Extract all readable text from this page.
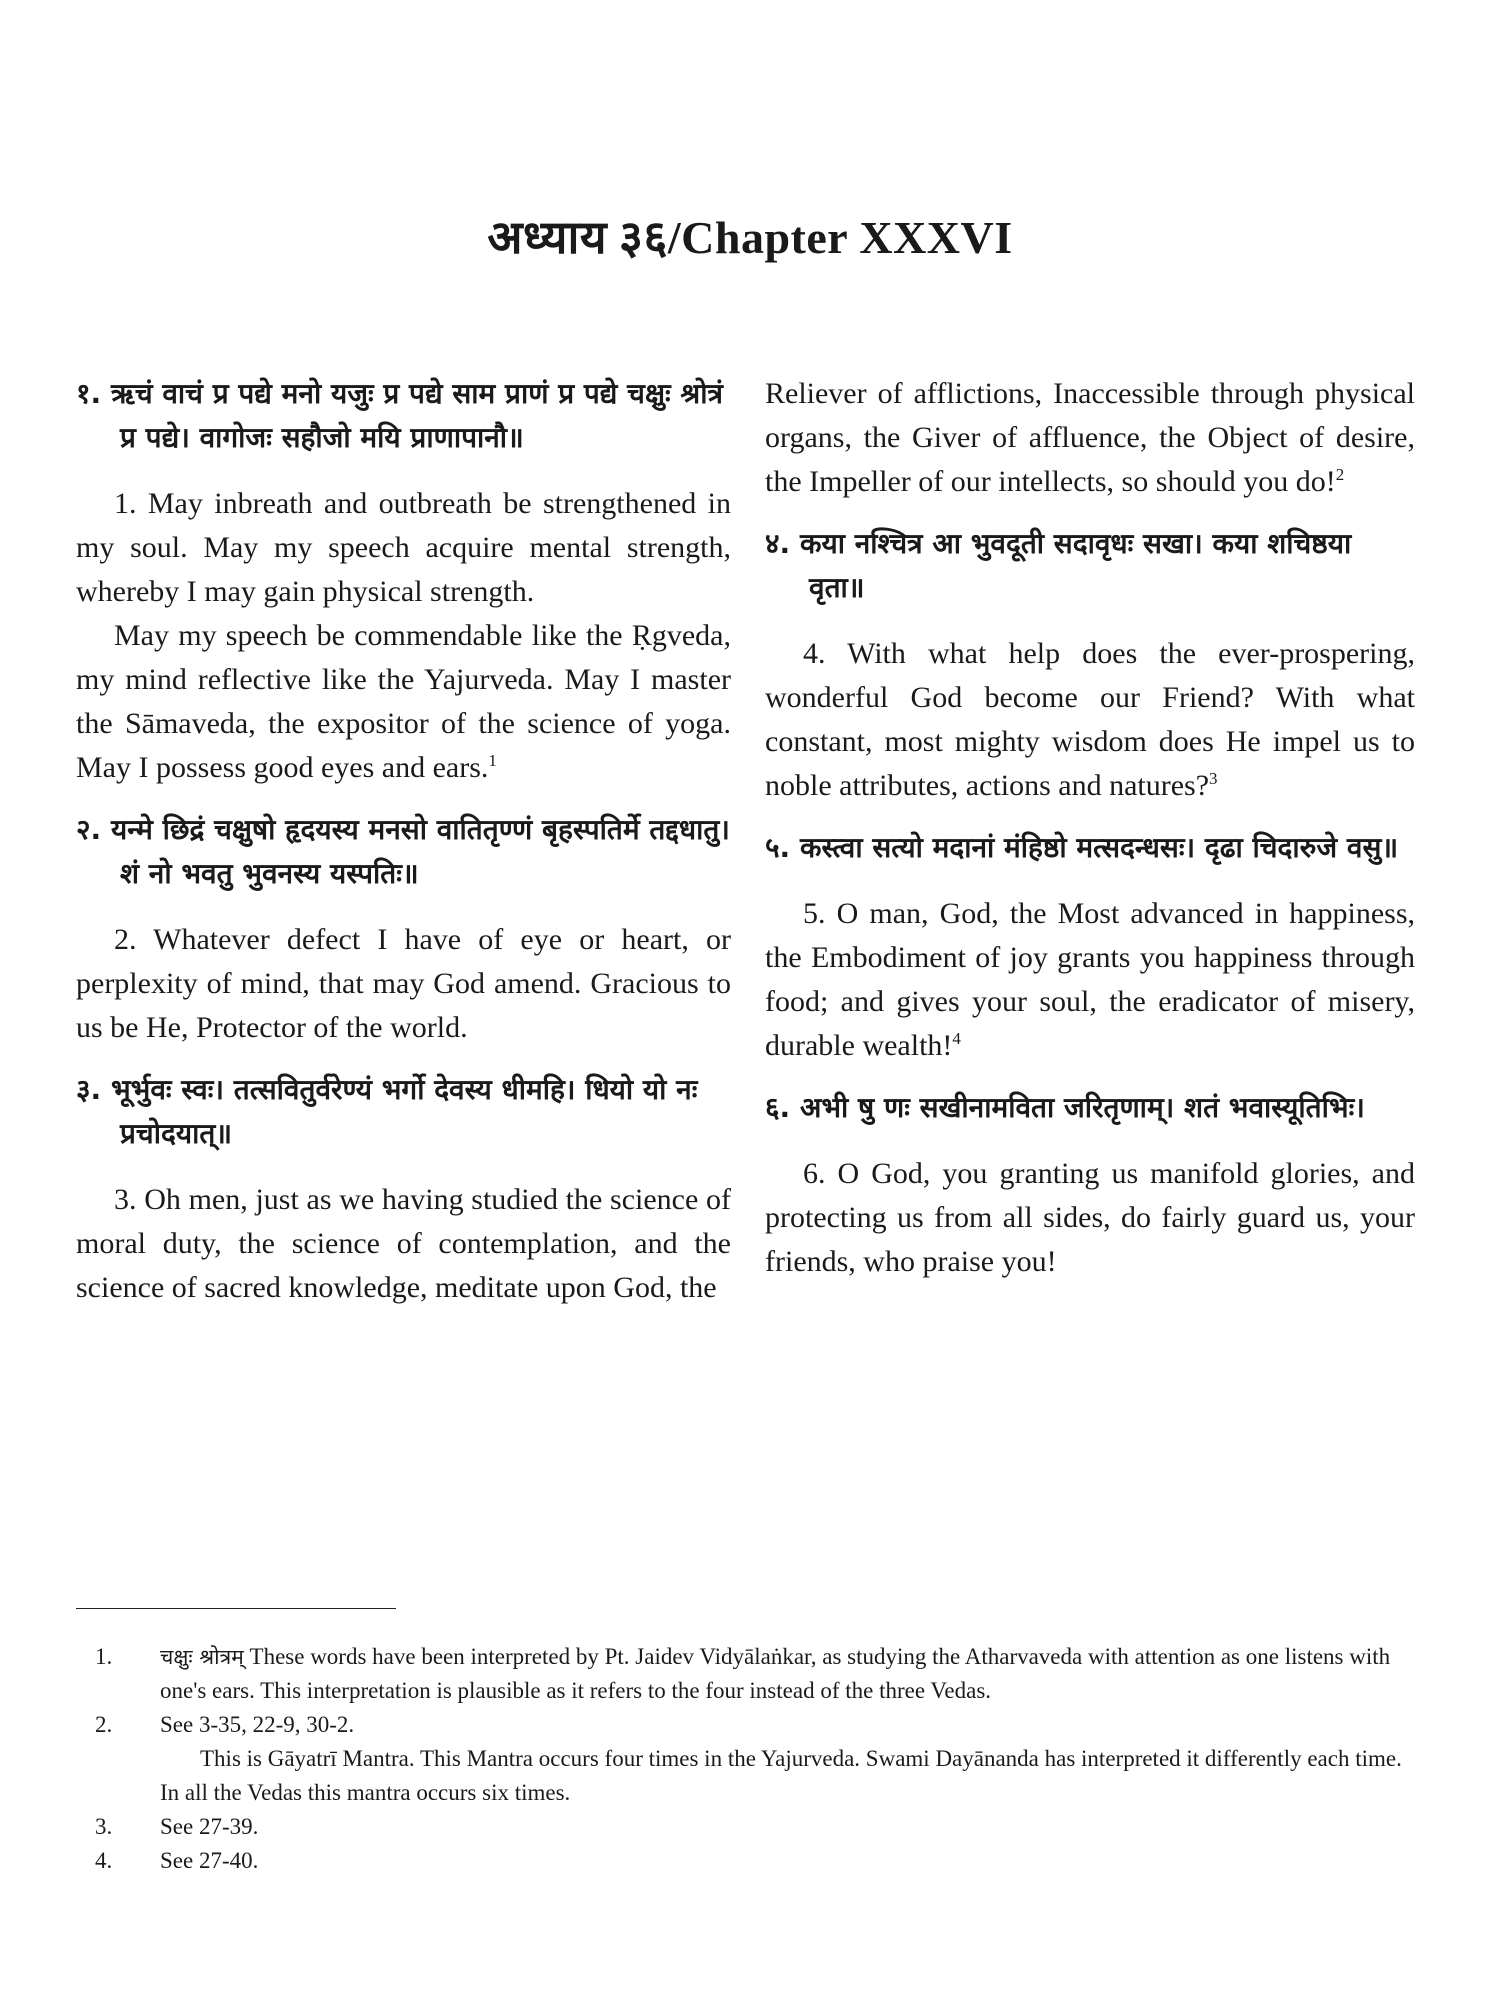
अध्याय ३६/Chapter XXXVI
१. ऋचं वाचं प्र पद्ये मनो यजुः प्र पद्ये साम प्राणं प्र पद्ये चक्षुः श्रोत्रं प्र पद्ये। वागोजः सहौजो मयि प्राणापानौ॥

1. May inbreath and outbreath be strengthened in my soul. May my speech acquire mental strength, whereby I may gain physical strength.

May my speech be commendable like the Ṛgveda, my mind reflective like the Yajurveda. May I master the Sāmaveda, the expositor of the science of yoga. May I possess good eyes and ears.$^1$

२. यन्मे छिद्रं चक्षुषो हृदयस्य मनसो वातितृण्णं बृहस्पतिर्मे तद्दधातु। शं नो भवतु भुवनस्य यस्पतिः॥

2. Whatever defect I have of eye or heart, or perplexity of mind, that may God amend. Gracious to us be He, Protector of the world.

३. भूर्भुवः स्वः। तत्सवितुर्वरेण्यं भर्गो देवस्य धीमहि। धियो यो नः प्रचोदयात्॥

3. Oh men, just as we having studied the science of moral duty, the science of contemplation, and the science of sacred knowledge, meditate upon God, the

Reliever of afflictions, Inaccessible through physical organs, the Giver of affluence, the Object of desire, the Impeller of our intellects, so should you do!$^2$

४. कया नश्चित्र आ भुवदूती सदावृधः सखा। कया शचिष्ठया वृता॥

4. With what help does the ever-prospering, wonderful God become our Friend? With what constant, most mighty wisdom does He impel us to noble attributes, actions and natures?$^3$

५. कस्त्वा सत्यो मदानां मंहिष्ठो मत्सदन्धसः। दृढा चिदारुजे वसु॥

5. O man, God, the Most advanced in happiness, the Embodiment of joy grants you happiness through food; and gives your soul, the eradicator of misery, durable wealth!$^4$

६. अभी षु णः सखीनामविता जरितृणाम्। शतं भवास्यूतिभिः।

6. O God, you granting us manifold glories, and protecting us from all sides, do fairly guard us, your friends, who praise you!

1. चक्षुः श्रोत्रम् These words have been interpreted by Pt. Jaidev Vidyālaṅkar, as studying the Atharvaveda with attention as one listens with one's ears. This interpretation is plausible as it refers to the four instead of the three Vedas.
2. See 3-35, 22-9, 30-2.

This is Gāyatrī Mantra. This Mantra occurs four times in the Yajurveda. Swami Dayānanda has interpreted it differently each time. In all the Vedas this mantra occurs six times.

3. See 27-39.
4. See 27-40.
